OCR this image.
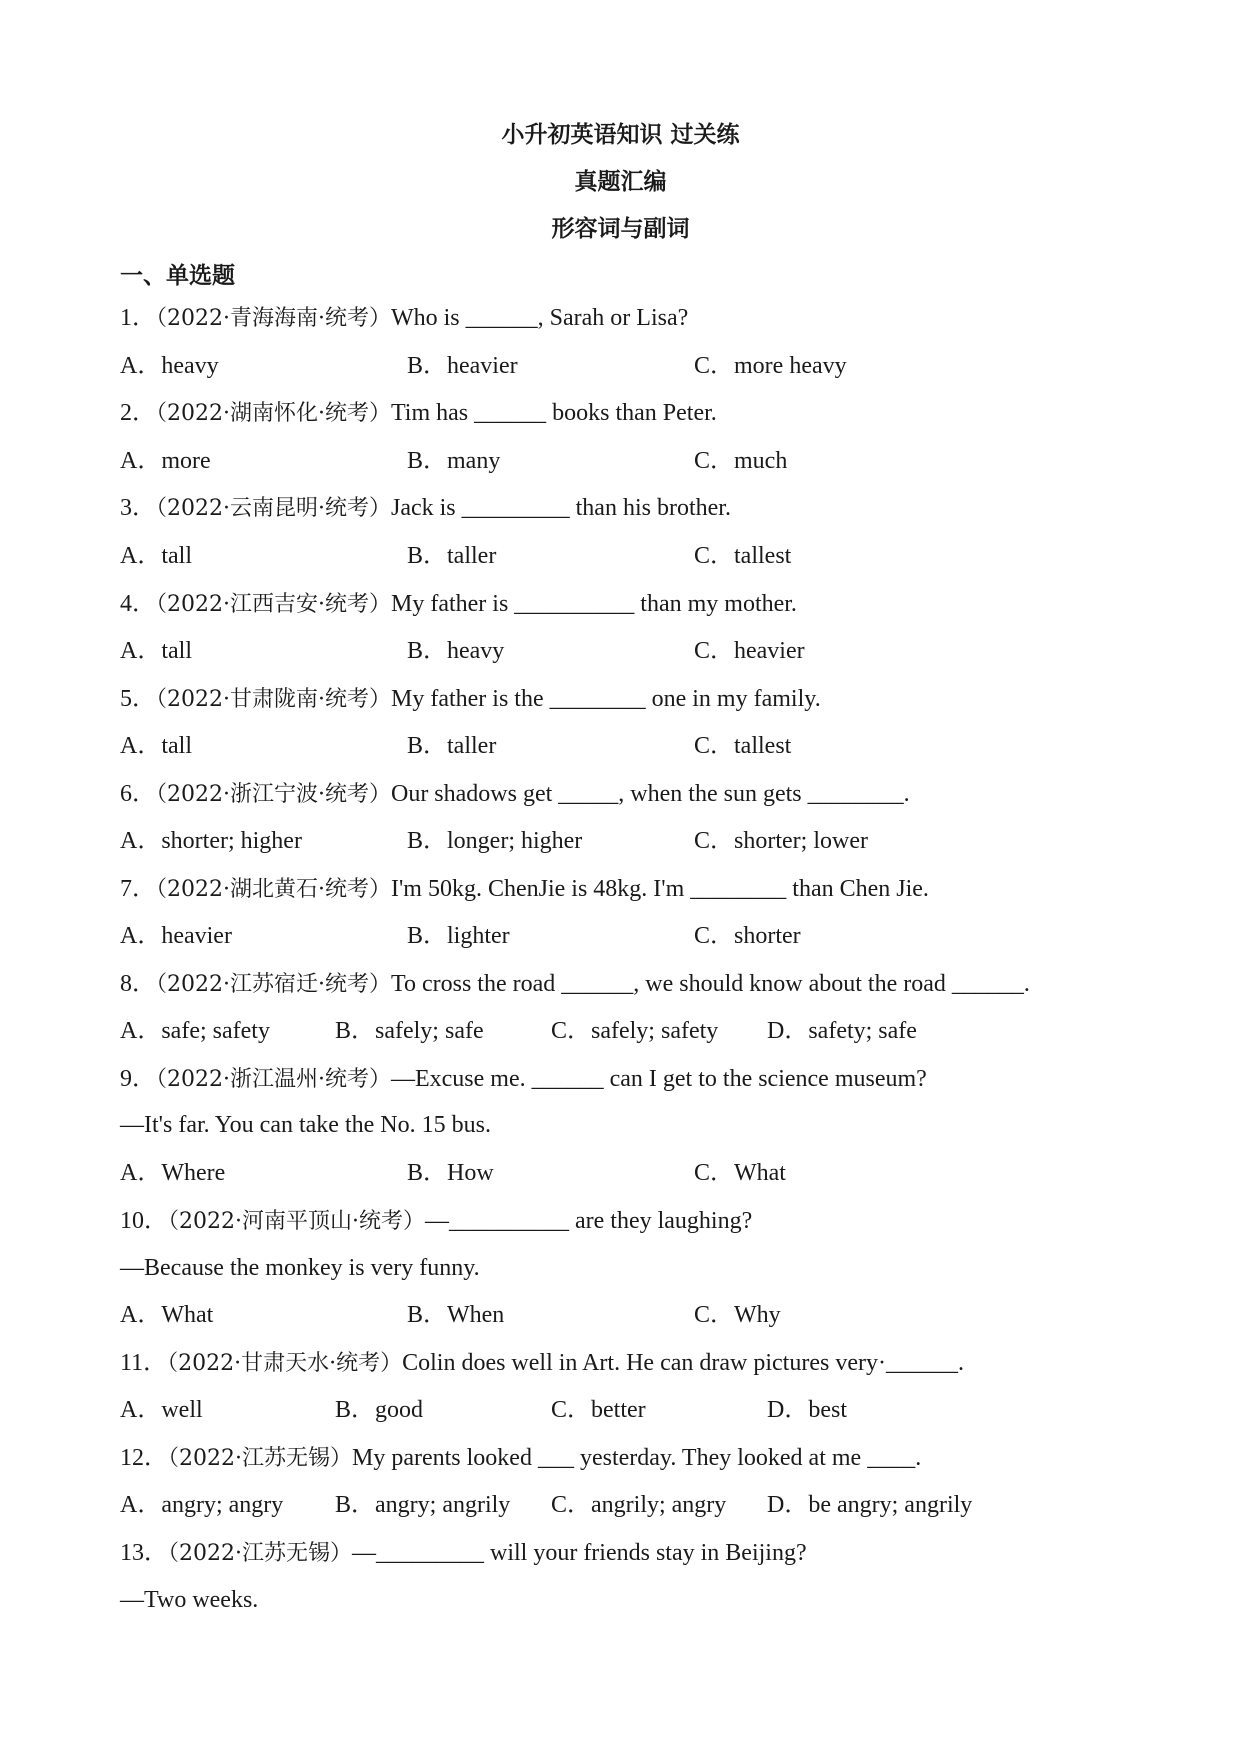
小升初英语知识 过关练
真题汇编
形容词与副词
一、单选题
1．（2022·青海海南·统考）Who is ______, Sarah or Lisa?
A．heavy	B．heavier	C．more heavy
2．（2022·湖南怀化·统考）Tim has ______ books than Peter.
A．more	B．many	C．much
3．（2022·云南昆明·统考）Jack is _________ than his brother.
A．tall	B．taller	C．tallest
4．（2022·江西吉安·统考）My father is __________ than my mother.
A．tall	B．heavy	C．heavier
5．（2022·甘肃陇南·统考）My father is the ________ one in my family.
A．tall	B．taller	C．tallest
6．（2022·浙江宁波·统考）Our shadows get _____, when the sun gets ________.
A．shorter; higher	B．longer; higher	C．shorter; lower
7．（2022·湖北黄石·统考）I'm 50kg. ChenJie is 48kg. I'm ________ than Chen Jie.
A．heavier	B．lighter	C．shorter
8．（2022·江苏宿迁·统考）To cross the road ______, we should know about the road ______.
A．safe; safety	B．safely; safe	C．safely; safety D．safety; safe
9．（2022·浙江温州·统考）—Excuse me. ______ can I get to the science museum?
—It's far. You can take the No. 15 bus.
A．Where	B．How	C．What
10．（2022·河南平顶山·统考）—__________ are they laughing?
—Because the monkey is very funny.
A．What	B．When	C．Why
11．（2022·甘肃天水·统考）Colin does well in Art. He can draw pictures very·______.
A．well	B．good	C．better	D．best
12．（2022·江苏无锡）My parents looked ___ yesterday. They looked at me ____.
A．angry; angry B．angry; angrily C．angrily; angry D．be angry; angrily
13．（2022·江苏无锡）—_________ will your friends stay in Beijing?
—Two weeks.
